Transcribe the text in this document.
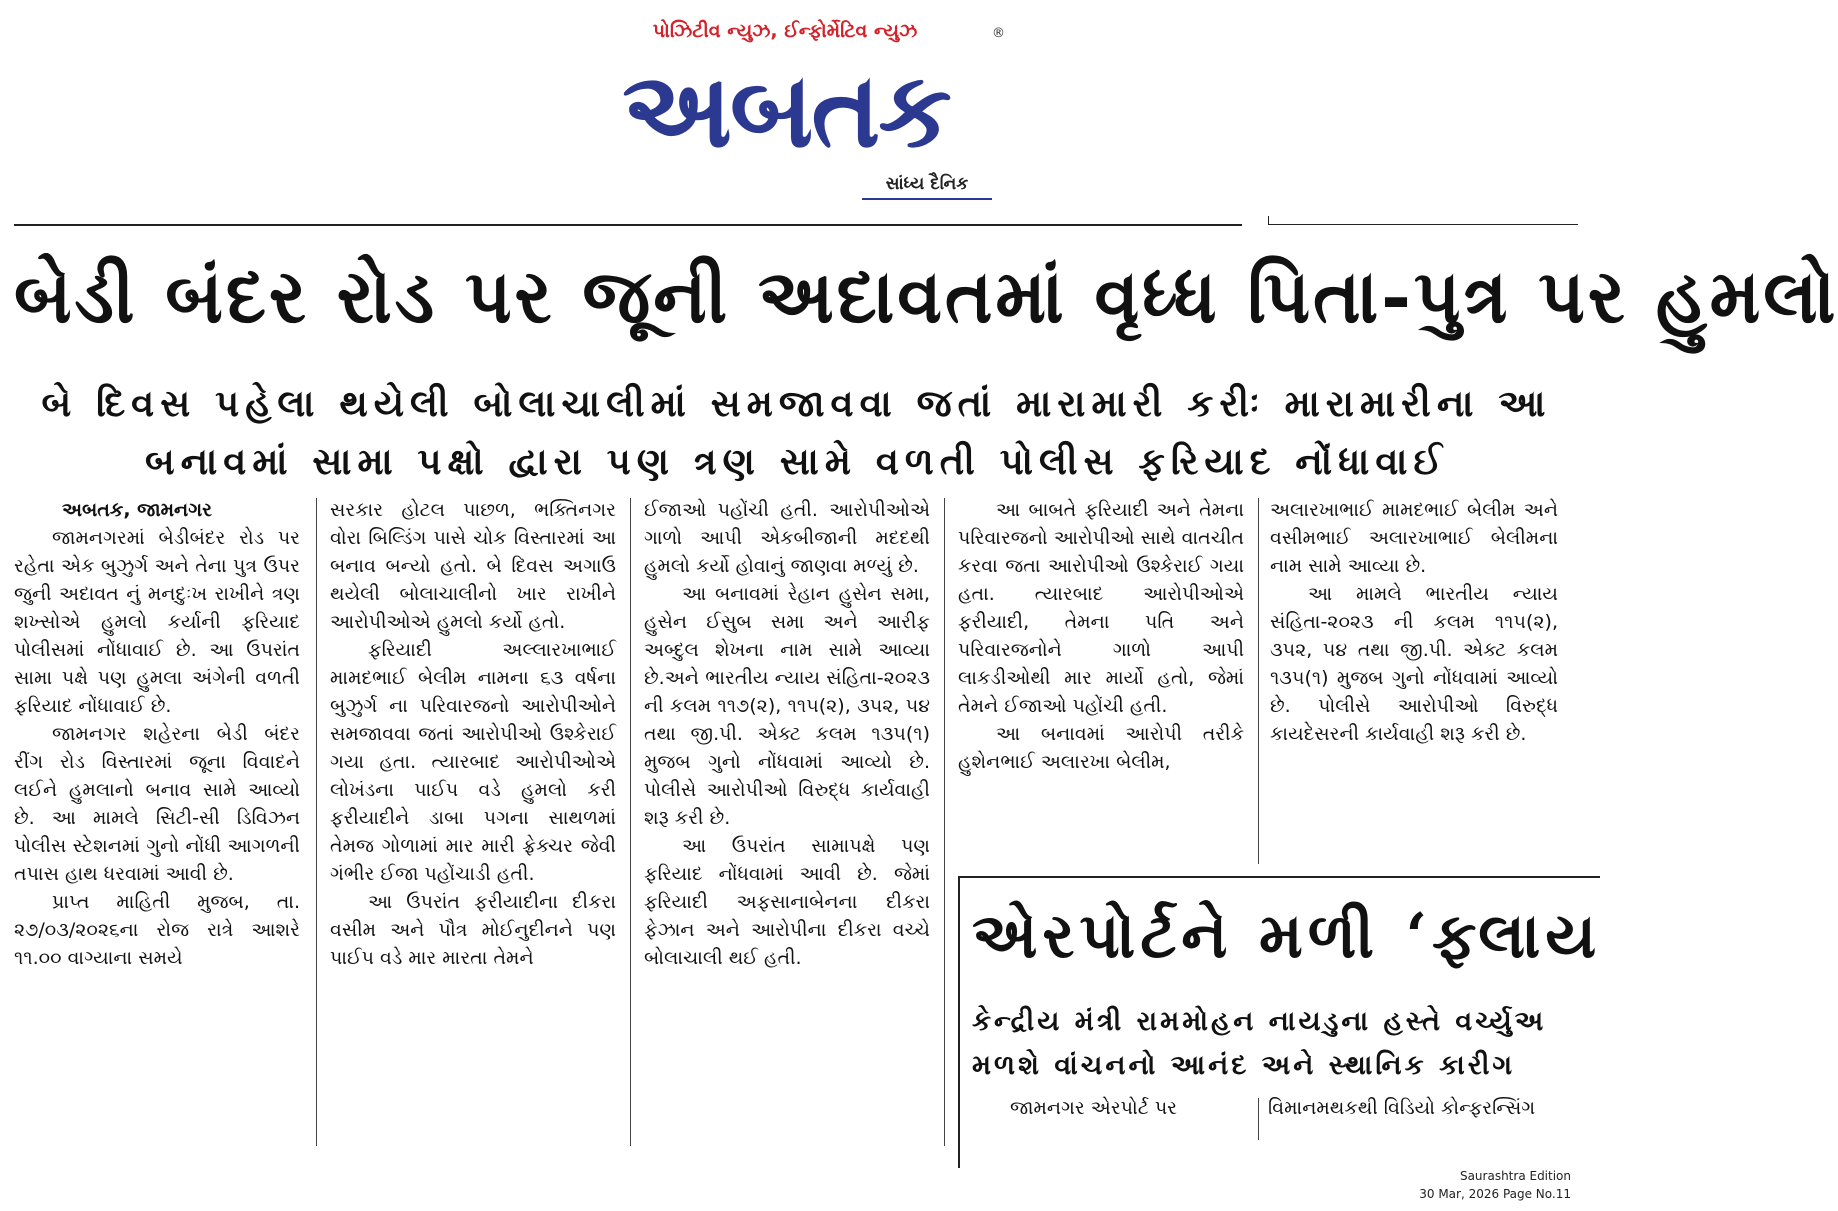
પોઝિટીવ ન્યુઝ, ઈન્ફોર્મેટિવ ન્યુઝ	®
અબતક
સાંધ્ય દૈનિક
બેડી બંદર રોડ પર જૂની અદાવતમાં વૃધ્ધ પિતા-પુત્ર પર હુમલો
બે દિવસ પહેલા થયેલી બોલાચાલીમાં સમજાવવા જતાં મારામારી કરીઃ મારામારીના આ
બનાવમાં સામા પક્ષો દ્વારા પણ ત્રણ સામે વળતી પોલીસ ફરિયાદ નોંધાવાઈ

અબતક, જામનગર

જામનગરમાં બેડીબંદર રોડ પર રહેતા એક બુઝુર્ગ અને તેના પુત્ર ઉપર જુની અદાવત નું મનદુઃખ રાખીને ત્રણ શખ્સોએ હુમલો કર્યાની ફરિયાદ પોલીસમાં નોંધાવાઈ છે. આ ઉપરાંત સામા પક્ષે પણ હુમલા અંગેની વળતી ફરિયાદ નોંધાવાઈ છે.

જામનગર શહેરના બેડી બંદર રીંગ રોડ વિસ્તારમાં જૂના વિવાદને લઈને હુમલાનો બનાવ સામે આવ્યો છે. આ મામલે સિટી-સી ડિવિઝન પોલીસ સ્ટેશનમાં ગુનો નોંધી આગળની તપાસ હાથ ધરવામાં આવી છે.

પ્રાપ્ત માહિતી મુજબ, તા. ૨૭/૦૩/૨૦૨૬ના રોજ રાત્રે આશરે ૧૧.૦૦ વાગ્યાના સમયે

સરકાર હોટલ પાછળ, ભક્તિનગર વોરા બિલ્ડિંગ પાસે ચોક વિસ્તારમાં આ બનાવ બન્યો હતો. બે દિવસ અગાઉ થયેલી બોલાચાલીનો ખાર રાખીને આરોપીઓએ હુમલો કર્યો હતો.

ફરિયાદી અલ્લારખાભાઈ મામદભાઈ બેલીમ નામના ૬૩ વર્ષના બુઝુર્ગ ના પરિવારજનો આરોપીઓને સમજાવવા જતાં આરોપીઓ ઉશ્કેરાઈ ગયા હતા. ત્યારબાદ આરોપીઓએ લોખંડના પાઈપ વડે હુમલો કરી ફરીયાદીને ડાબા પગના સાથળમાં તેમજ ગોળામાં માર મારી ફ્રેક્ચર જેવી ગંભીર ઈજા પહોંચાડી હતી.

આ ઉપરાંત ફરીયાદીના દીકરા વસીમ અને પૌત્ર મોઈનુદીનને પણ પાઈપ વડે માર મારતા તેમને

ઈજાઓ પહોંચી હતી. આરોપીઓએ ગાળો આપી એકબીજાની મદદથી હુમલો કર્યો હોવાનું જાણવા મળ્યું છે.

આ બનાવમાં રેહાન હુસેન સમા, હુસેન ઈસુબ સમા અને આરીફ અબ્દુલ શેખના નામ સામે આવ્યા છે.અને ભારતીય ન્યાય સંહિતા-૨૦૨૩ ની કલમ ૧૧૭(૨), ૧૧૫(૨), ૩૫૨, ૫૪ તથા જી.પી. એક્ટ કલમ ૧૩૫(૧) મુજબ ગુનો નોંધવામાં આવ્યો છે. પોલીસે આરોપીઓ વિરુદ્ધ કાર્યવાહી શરૂ કરી છે.

આ ઉપરાંત સામાપક્ષે પણ ફરિયાદ નોંધવામાં આવી છે. જેમાં ફરિયાદી અફસાનાબેનના દીકરા ફેઝાન અને આરોપીના દીકરા વચ્ચે બોલાચાલી થઈ હતી.

આ બાબતે ફરિયાદી અને તેમના પરિવારજનો આરોપીઓ સાથે વાતચીત કરવા જતા આરોપીઓ ઉશ્કેરાઈ ગયા હતા. ત્યારબાદ આરોપીઓએ ફરીયાદી, તેમના પતિ અને પરિવારજનોને ગાળો આપી લાકડીઓથી માર માર્યો હતો, જેમાં તેમને ઈજાઓ પહોંચી હતી.

આ બનાવમાં આરોપી તરીકે હુશેનભાઈ અલારખા બેલીમ,

અલારખાભાઈ મામદભાઈ બેલીમ અને વસીમભાઈ અલારખાભાઈ બેલીમના નામ સામે આવ્યા છે.

આ મામલે ભારતીય ન્યાય સંહિતા-૨૦૨૩ ની કલમ ૧૧૫(૨), ૩૫૨, ૫૪ તથા જી.પી. એક્ટ કલમ ૧૩૫(૧) મુજબ ગુનો નોંધવામાં આવ્યો છે. પોલીસે આરોપીઓ વિરુદ્ધ કાયદેસરની કાર્યવાહી શરૂ કરી છે.

એરપોર્ટને મળી ‘ફ્લાય
કેન્દ્રીય મંત્રી રામમોહન નાયડુના હસ્તે વર્ચ્યુઅ
મળશે વાંચનનો આનંદ અને સ્થાનિક કારીગ

જામનગર એરપોર્ટ પર	વિમાનમથકથી વિડિયો કોન્ફરન્સિંગ

Saurashtra Edition
30 Mar, 2026 Page No.11
